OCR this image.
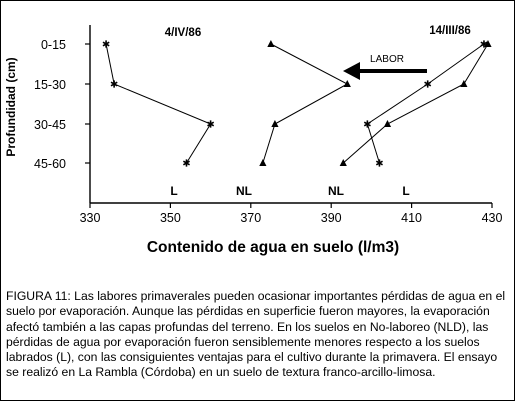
0-15
15-30
30-45
45-60
330	350	370	390	410	430
Profundidad (cm)
Contenido de agua en suelo (l/m3)
4/IV/86	14/III/86
LABOR
L	NL	NL	L

FIGURA 11: Las labores primaverales pueden ocasionar importantes pérdidas de agua en el suelo por evaporación. Aunque las pérdidas en superficie fueron mayores, la evaporación afectó también a las capas profundas del terreno. En los suelos en No-laboreo (NLD), las pérdidas de agua por evaporación fueron sensiblemente menores respecto a los suelos labrados (L), con las consiguientes ventajas para el cultivo durante la primavera. El ensayo se realizó en La Rambla (Córdoba) en un suelo de textura franco-arcillo-limosa.
